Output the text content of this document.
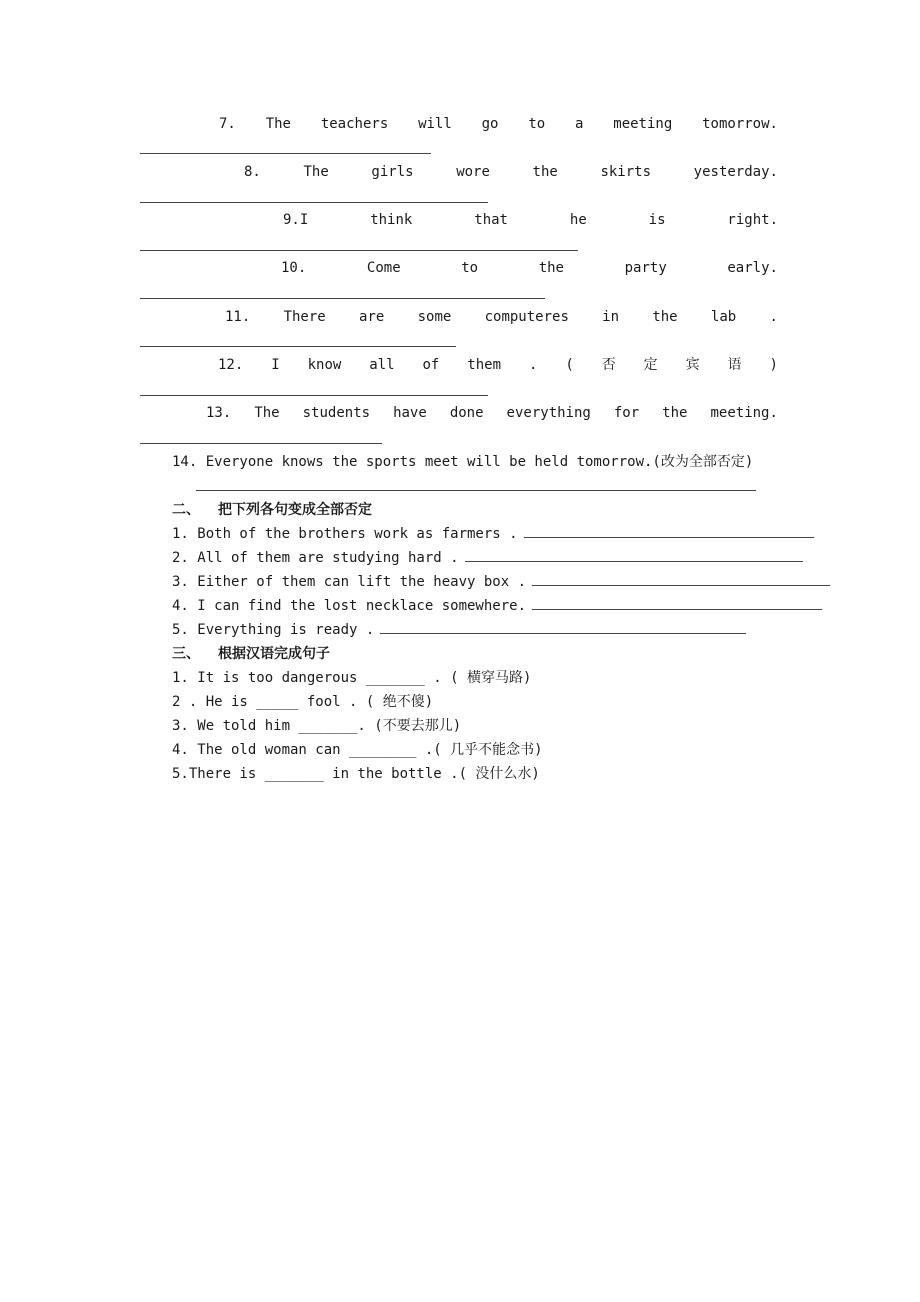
7. The teachers will go to a meeting tomorrow.
8.	The	girls	wore	the	skirts	yesterday.
9.I	think	that	he	is	right.
10.	Come	to	the	party	early.
11. There are some computeres in the lab .
12. I know all of them . ( 否 定 宾 语 )
13. The students have done everything for the meeting.
14. Everyone knows the sports meet will be held tomorrow.(改为全部否定)
二、 把下列各句变成全部否定
1. Both of the brothers work as farmers .
2. All of them are studying hard .
3. Either of them can lift the heavy box .
4. I can find the lost necklace somewhere.
5. Everything is ready .
三、 根据汉语完成句子
1. It is too dangerous _______ . ( 横穿马路)
2 . He is _____ fool . ( 绝不傻)
3. We told him _______. (不要去那儿)
4. The old woman can ________ .( 几乎不能念书)
5.There is _______ in the bottle .( 没什么水)
